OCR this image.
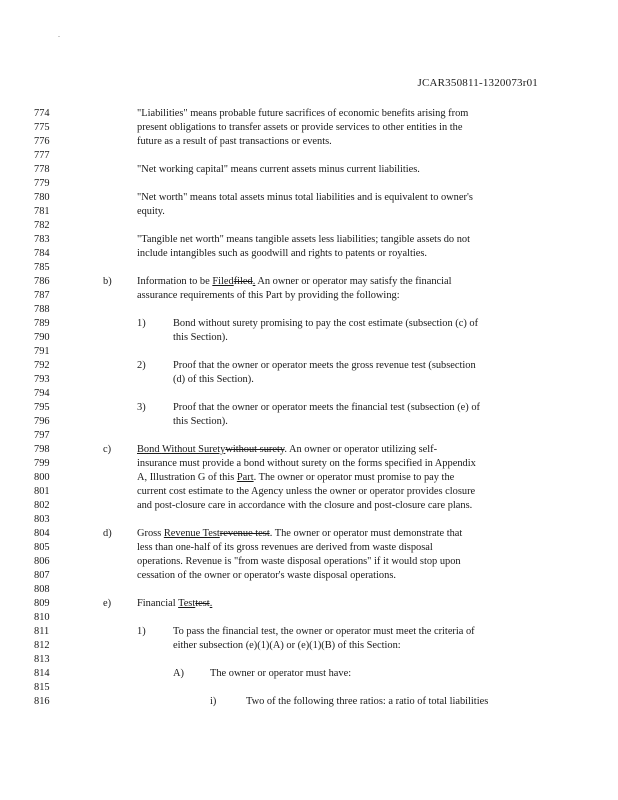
.
JCAR350811-1320073r01
774
775
776
777
778
779
780
781
782
783
784
785
786
787
788
789
790
791
792
793
794
795
796
797
798
799
800
801
802
803
804
805
806
807
808
809
810
811
812
813
814
815
816
"Liabilities" means probable future sacrifices of economic benefits arising from
present obligations to transfer assets or provide services to other entities in the
future as a result of past transactions or events.
"Net working capital" means current assets minus current liabilities.
"Net worth" means total assets minus total liabilities and is equivalent to owner's
equity.
"Tangible net worth" means tangible assets less liabilities; tangible assets do not
include intangibles such as goodwill and rights to patents or royalties.
b) Information to be Filedfiled. An owner or operator may satisfy the financial
assurance requirements of this Part by providing the following:
1)	Bond without surety promising to pay the cost estimate (subsection (c) of
this Section).
2)	Proof that the owner or operator meets the gross revenue test (subsection
(d) of this Section).
3)	Proof that the owner or operator meets the financial test (subsection (e) of
this Section).
c) Bond Without Suretywithout surety. An owner or operator utilizing self-
insurance must provide a bond without surety on the forms specified in Appendix
A, Illustration G of this Part. The owner or operator must promise to pay the
current cost estimate to the Agency unless the owner or operator provides closure
and post-closure care in accordance with the closure and post-closure care plans.
d) Gross Revenue Testrevenue test. The owner or operator must demonstrate that
less than one-half of its gross revenues are derived from waste disposal
operations. Revenue is "from waste disposal operations" if it would stop upon
cessation of the owner or operator's waste disposal operations.
e) Financial Testtest.
1)	To pass the financial test, the owner or operator must meet the criteria of
either subsection (e)(1)(A) or (e)(1)(B) of this Section:
A)	The owner or operator must have:
i)	Two of the following three ratios: a ratio of total liabilities
